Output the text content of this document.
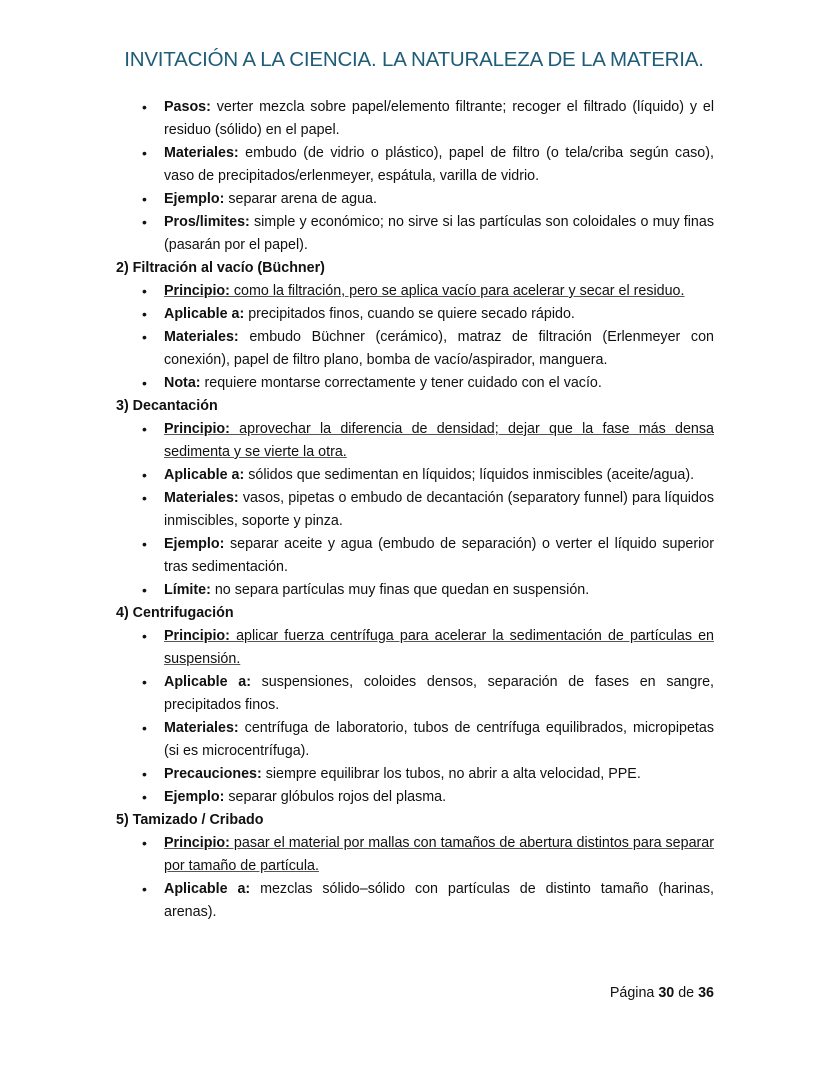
INVITACIÓN A LA CIENCIA. LA NATURALEZA DE LA MATERIA.
• Pasos: verter mezcla sobre papel/elemento filtrante; recoger el filtrado (líquido) y el residuo (sólido) en el papel.
• Materiales: embudo (de vidrio o plástico), papel de filtro (o tela/criba según caso), vaso de precipitados/erlenmeyer, espátula, varilla de vidrio.
• Ejemplo: separar arena de agua.
• Pros/limites: simple y económico; no sirve si las partículas son coloidales o muy finas (pasarán por el papel).
2) Filtración al vacío (Büchner)
• Principio: como la filtración, pero se aplica vacío para acelerar y secar el residuo.
• Aplicable a: precipitados finos, cuando se quiere secado rápido.
• Materiales: embudo Büchner (cerámico), matraz de filtración (Erlenmeyer con conexión), papel de filtro plano, bomba de vacío/aspirador, manguera.
• Nota: requiere montarse correctamente y tener cuidado con el vacío.
3) Decantación
• Principio: aprovechar la diferencia de densidad; dejar que la fase más densa sedimenta y se vierte la otra.
• Aplicable a: sólidos que sedimentan en líquidos; líquidos inmiscibles (aceite/agua).
• Materiales: vasos, pipetas o embudo de decantación (separatory funnel) para líquidos inmiscibles, soporte y pinza.
• Ejemplo: separar aceite y agua (embudo de separación) o verter el líquido superior tras sedimentación.
• Límite: no separa partículas muy finas que quedan en suspensión.
4) Centrifugación
• Principio: aplicar fuerza centrífuga para acelerar la sedimentación de partículas en suspensión.
• Aplicable a: suspensiones, coloides densos, separación de fases en sangre, precipitados finos.
• Materiales: centrífuga de laboratorio, tubos de centrífuga equilibrados, micropipetas (si es microcentrífuga).
• Precauciones: siempre equilibrar los tubos, no abrir a alta velocidad, PPE.
• Ejemplo: separar glóbulos rojos del plasma.
5) Tamizado / Cribado
• Principio: pasar el material por mallas con tamaños de abertura distintos para separar por tamaño de partícula.
• Aplicable a: mezclas sólido–sólido con partículas de distinto tamaño (harinas, arenas).
Página 30 de 36
